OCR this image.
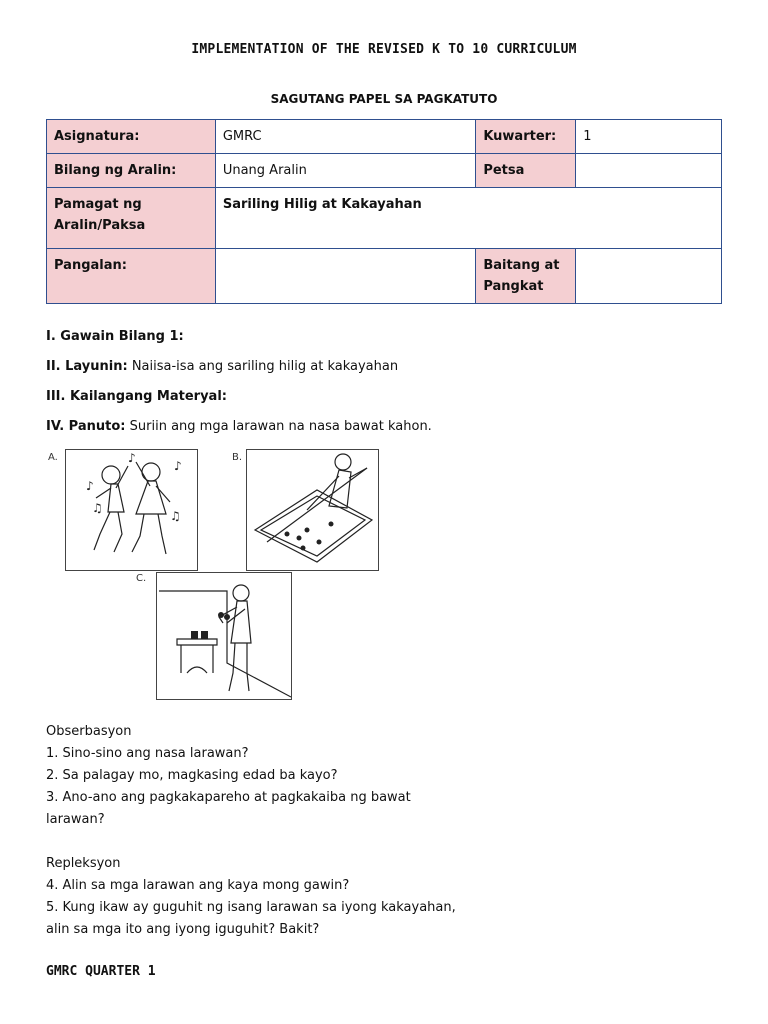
IMPLEMENTATION OF THE REVISED K TO 10 CURRICULUM
SAGUTANG PAPEL SA PAGKATUTO
Asignatura:	GMRC	Kuwarter:	1
Bilang ng Aralin:	Unang Aralin	Petsa	

Pamagat ng
Aralin/Paksa	Sariling Hilig at Kakayahan		
Pangalan:		Baitang at
Pangkat	

I. Gawain Bilang 1:
II. Layunin: Naiisa-isa ang sariling hilig at kakayahan
III. Kailangang Materyal:
IV. Panuto: Suriin ang mga larawan na nasa bawat kahon.
A.
♪
♫
♪
♫
♪	B.
C.
Obserbasyon
1. Sino-sino ang nasa larawan?
2. Sa palagay mo, magkasing edad ba kayo?
3. Ano-ano ang pagkakapareho at pagkakaiba ng bawat
larawan?
Repleksyon
4. Alin sa mga larawan ang kaya mong gawin?
5. Kung ikaw ay guguhit ng isang larawan sa iyong kakayahan,
alin sa mga ito ang iyong iguguhit? Bakit?
GMRC QUARTER 1
